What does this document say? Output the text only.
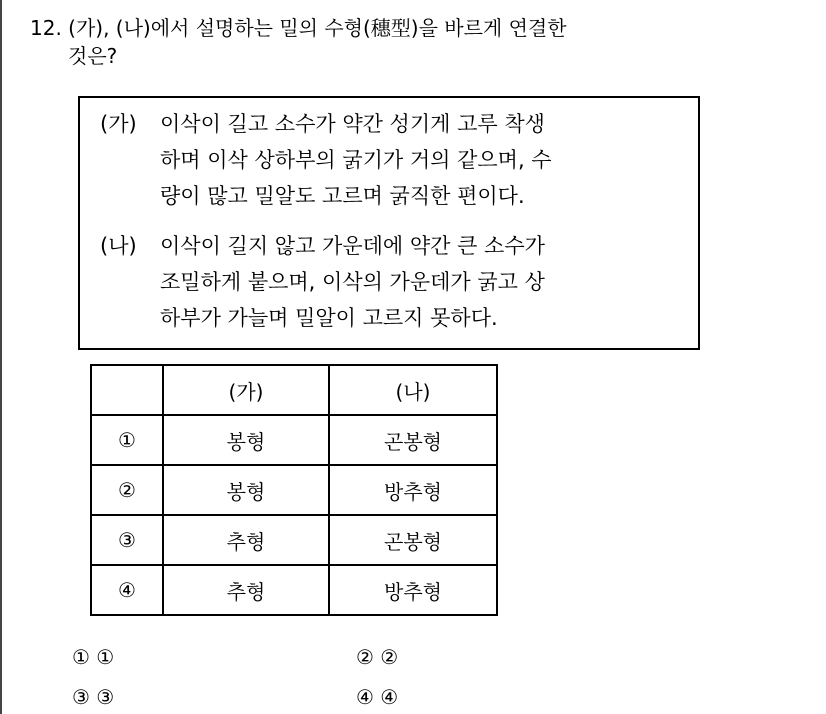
12. (가), (나)에서 설명하는 밀의 수형(穗型)을 바르게 연결한
것은?
(가) 이삭이 길고 소수가 약간 성기게 고루 착생
하며 이삭 상하부의 굵기가 거의 같으며, 수
량이 많고 밀알도 고르며 굵직한 편이다.
(나) 이삭이 길지 않고 가운데에 약간 큰 소수가
조밀하게 붙으며, 이삭의 가운데가 굵고 상
하부가 가늘며 밀알이 고르지 못하다.
	(가)	(나)
①	봉형	곤봉형
②	봉형	방추형
③	추형	곤봉형
④	추형	방추형
① ①	② ②
③ ③	④ ④
